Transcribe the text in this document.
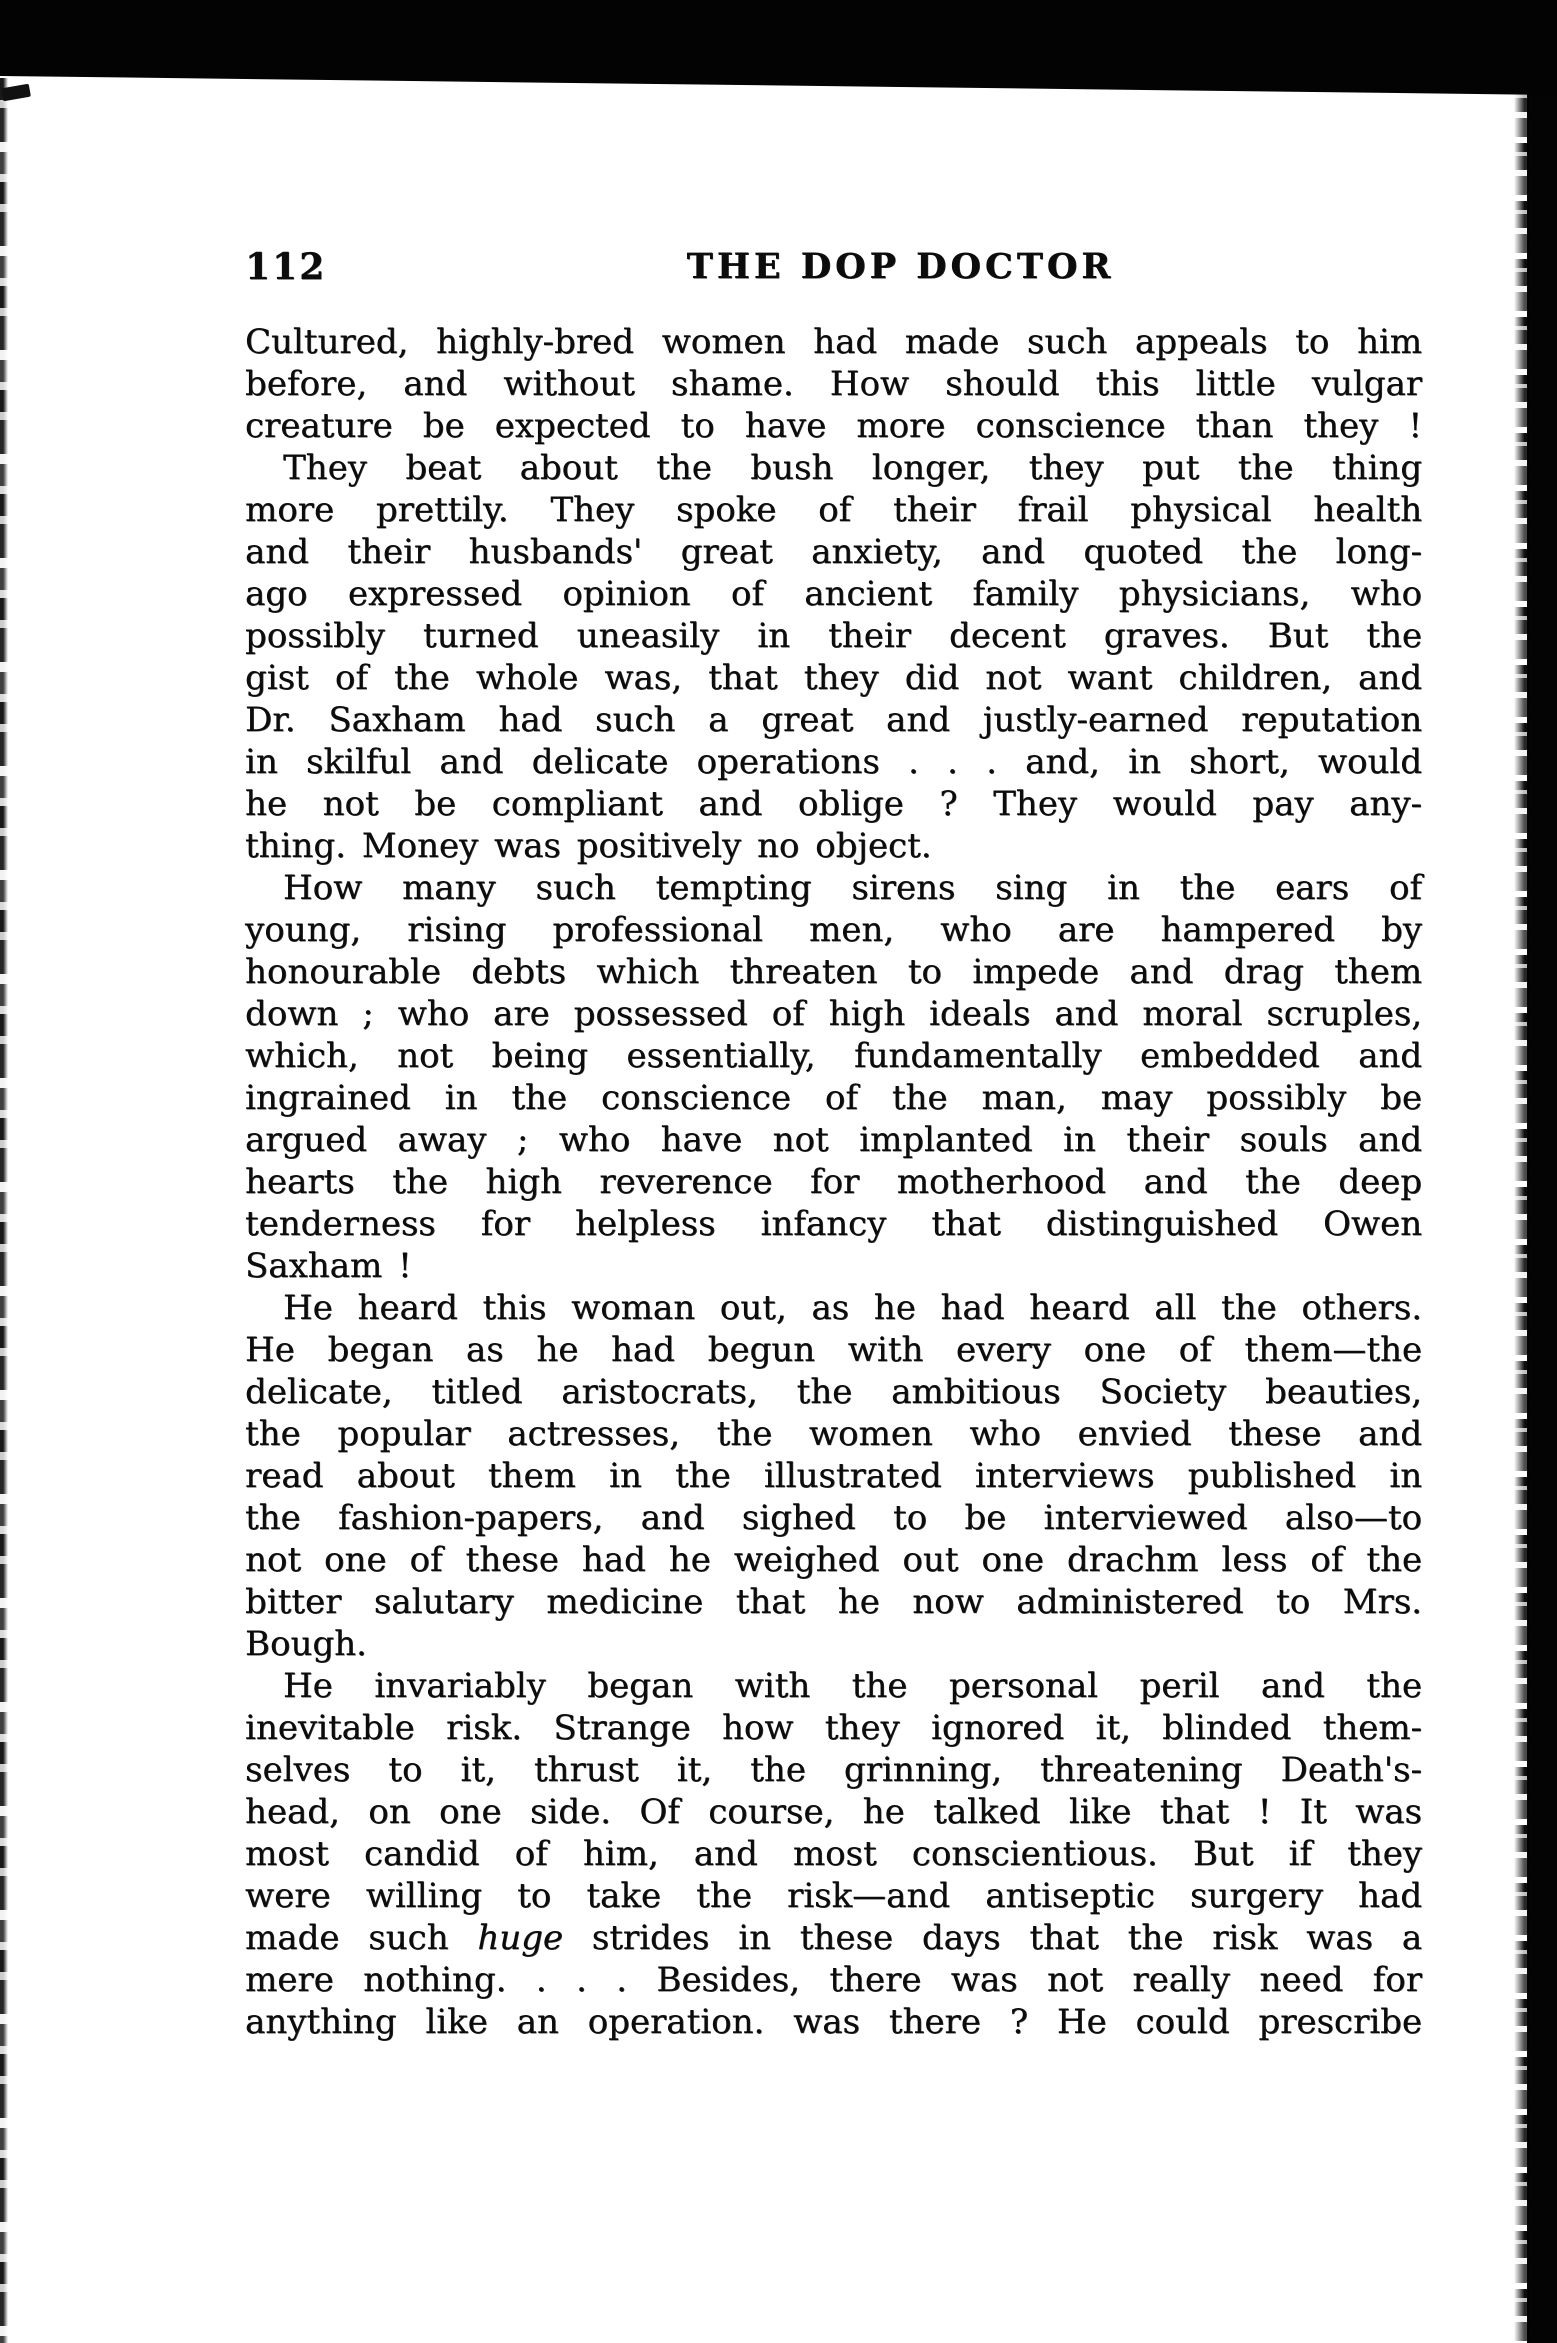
112	THE DOP DOCTOR
Cultured, highly-bred women had made such appeals to him
before, and without shame. How should this little vulgar
creature be expected to have more conscience than they !
They beat about the bush longer, they put the thing
more prettily. They spoke of their frail physical health
and their husbands' great anxiety, and quoted the long-
ago expressed opinion of ancient family physicians, who
possibly turned uneasily in their decent graves. But the
gist of the whole was, that they did not want children, and
Dr. Saxham had such a great and justly-earned reputation
in skilful and delicate operations . . . and, in short, would
he not be compliant and oblige ? They would pay any-
thing. Money was positively no object.
How many such tempting sirens sing in the ears of
young, rising professional men, who are hampered by
honourable debts which threaten to impede and drag them
down ; who are possessed of high ideals and moral scruples,
which, not being essentially, fundamentally embedded and
ingrained in the conscience of the man, may possibly be
argued away ; who have not implanted in their souls and
hearts the high reverence for motherhood and the deep
tenderness for helpless infancy that distinguished Owen
Saxham !
He heard this woman out, as he had heard all the others.
He began as he had begun with every one of them—the
delicate, titled aristocrats, the ambitious Society beauties,
the popular actresses, the women who envied these and
read about them in the illustrated interviews published in
the fashion-papers, and sighed to be interviewed also—to
not one of these had he weighed out one drachm less of the
bitter salutary medicine that he now administered to Mrs.
Bough.
He invariably began with the personal peril and the
inevitable risk. Strange how they ignored it, blinded them-
selves to it, thrust it, the grinning, threatening Death's-
head, on one side. Of course, he talked like that ! It was
most candid of him, and most conscientious. But if they
were willing to take the risk—and antiseptic surgery had
made such huge strides in these days that the risk was a
mere nothing. . . . Besides, there was not really need for
anything like an operation. was there ? He could prescribe
